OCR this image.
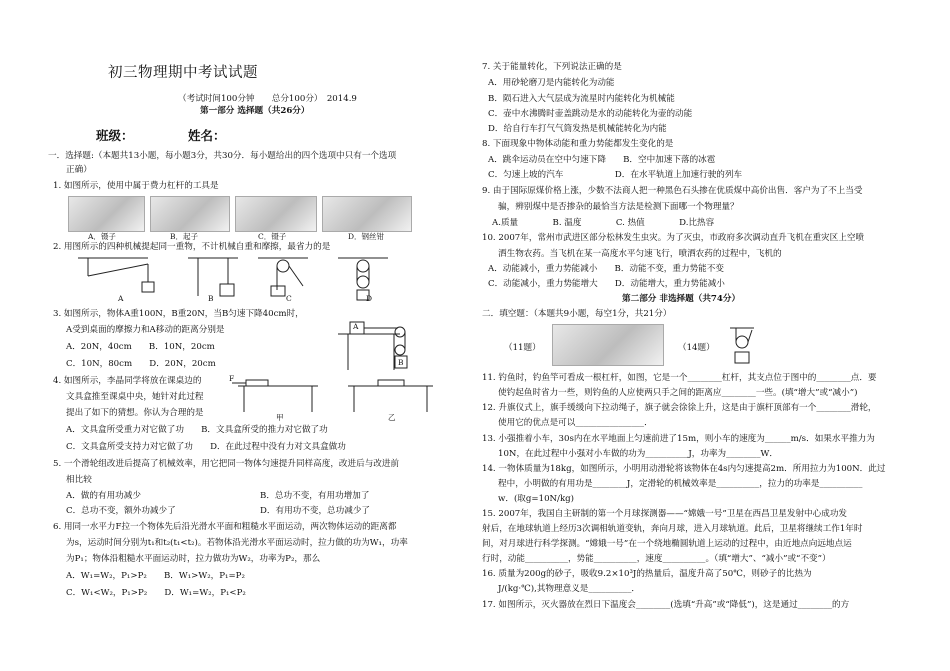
初三物理期中考试试题
（考试时间100分钟　　总分100分）　2014.9
第一部分 选择题（共26分）
班级：	姓名：
一．选择题:（本题共13小题，每小题3分，共30分．每小题给出的四个选项中只有一个选项
正确）
1. 如图所示，使用中属于费力杠杆的工具是
A．镊子	B．起子	C．镊子	D．钢丝钳
2. 用图所示的四种机械提起同一重物，不计机械自重和摩擦，最省力的是
A	B	C	D
3. 如图所示，物体A重100N，B重20N，当B匀速下降40cm时，
A受到桌面的摩擦力和A移动的距离分别是
A．20N，40cm　　B．10N，20cm
C．10N，80cm　　D．20N，20cm
A
B
4. 如图所示，李晶同学将放在课桌边的
文具盒推至课桌中央，她针对此过程
提出了如下的猜想。你认为合理的是
F
甲	乙
A．文具盒所受重力对它做了功　　B．文具盒所受的推力对它做了功
C．文具盒所受支持力对它做了功　　D．在此过程中没有力对文具盒做功
5. 一个滑轮组改进后提高了机械效率，用它把同一物体匀速提升同样高度，改进后与改进前
相比较
A．做的有用功减少	B．总功不变，有用功增加了
C．总功不变，额外功减少了	D．有用功不变，总功减少了
6. 用同一水平力F拉一个物体先后沿光滑水平面和粗糙水平面运动，两次物体运动的距离都
为s，运动时间分别为t₁和t₂(t₁<t₂)。若物体沿光滑水平面运动时，拉力做的功为W₁，功率
为P₁；物体沿粗糙水平面运动时，拉力做功为W₂，功率为P₂，那么
A．W₁=W₂，P₁>P₂　　B．W₁>W₂，P₁=P₂
C．W₁<W₂，P₁>P₂　　D．W₁=W₂，P₁<P₂
7. 关于能量转化，下列说法正确的是
A．用砂轮磨刀是内能转化为动能
B．陨石进入大气层成为流星时内能转化为机械能
C．壶中水沸腾时壶盖跳动是水的动能转化为壶的动能
D．给自行车打气气筒发热是机械能转化为内能
8. 下面现象中物体动能和重力势能都发生变化的是
A．跳伞运动员在空中匀速下降　　B．空中加速下落的冰雹
C．匀速上坡的汽车　　　　　　D．在水平轨道上加速行驶的列车
9. 由于国际原煤价格上涨，少数不法商人把一种黑色石头掺在优质煤中高价出售．客户为了不上当受
骗，辨别煤中是否掺杂的最恰当方法是检测下面哪一个物理量？
A.质量　　　　B. 温度　　　　C. 热值　　　　D.比热容
10. 2007年，常州市武进区部分松林发生虫灾。为了灭虫，市政府多次调动直升飞机在重灾区上空喷
洒生物农药。当飞机在某一高度水平匀速飞行，喷洒农药的过程中，飞机的
A．动能减小，重力势能减小　　B．动能不变，重力势能不变
C．动能减小，重力势能增大　　D．动能增大，重力势能减小
第二部分 非选择题（共74分）
二．填空题：（本题共9小题，每空1分，共21分）
（11题）	（14题）
11. 钓鱼时，钓鱼竿可看成一根杠杆，如图，它是一个________杠杆，其支点位于图中的________点．要
使钓起鱼时省力一些，则钓鱼的人应使两只手之间的距离应________一些。(填“增大”或“减小”)
12. 升旗仪式上，旗手缓缓向下拉动绳子，旗子就会徐徐上升，这是由于旗杆顶部有一个________滑轮，
使用它的优点是可以________________．
13. 小强推着小车，30s内在水平地面上匀速前进了15m，则小车的速度为______m/s．如果水平推力为
10N，在此过程中小强对小车做的功为__________J，功率为________W．
14. 一物体质量为18kg，如图所示，小明用动滑轮将该物体在4s内匀速提高2m．所用拉力为100N．此过
程中，小明做的有用功是________J，定滑轮的机械效率是__________，拉力的功率是__________
w．(取g=10N/kg)
15. 2007年，我国自主研制的第一个月球探测器——“嫦娥一号”卫星在西昌卫星发射中心成功发
射后，在地球轨道上经历3次调相轨道变轨，奔向月球，进入月球轨道。此后，卫星将继续工作1年时
间，对月球进行科学探测。“嫦娥一号”在一个绕地椭圆轨道上运动的过程中，由近地点向远地点运
行时，动能__________，势能__________，速度__________。（填“增大”、“减小”或“不变”）
16. 质量为200g的砂子，吸收9.2×10³J的热量后，温度升高了50℃，则砂子的比热为
J/(kg·℃),其物理意义是__________．
17. 如图所示，灭火器放在烈日下温度会________(选填“升高”或“降低”)，这是通过________的方
